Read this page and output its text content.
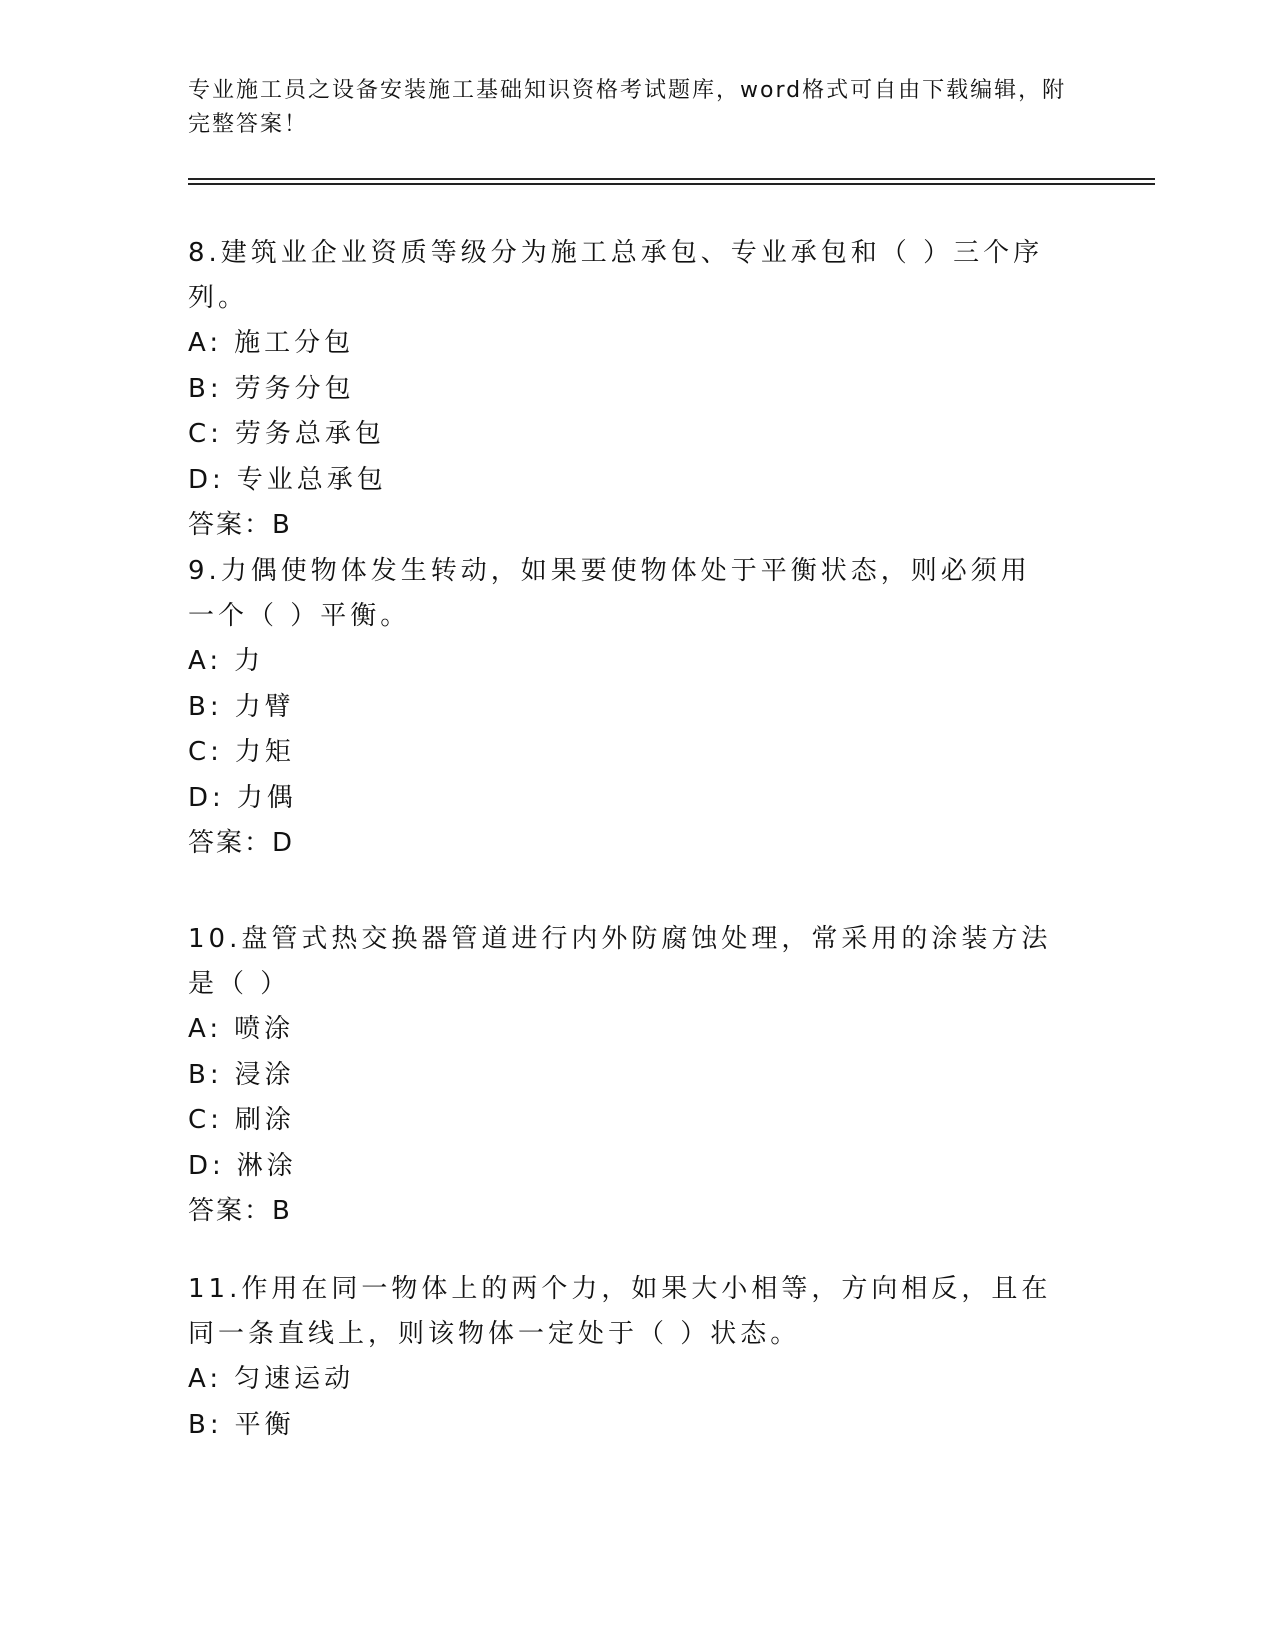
专业施工员之设备安装施工基础知识资格考试题库，word格式可自由下载编辑，附完整答案！

8.建筑业企业资质等级分为施工总承包、专业承包和（ ）三个序列。

A: 施工分包

B: 劳务分包

C: 劳务总承包

D: 专业总承包

答案：B

9.力偶使物体发生转动，如果要使物体处于平衡状态，则必须用一个（ ）平衡。

A: 力

B: 力臂

C: 力矩

D: 力偶

答案：D

10.盘管式热交换器管道进行内外防腐蚀处理，常采用的涂装方法是（ ）

A: 喷涂

B: 浸涂

C: 刷涂

D: 淋涂

答案：B

11.作用在同一物体上的两个力，如果大小相等，方向相反，且在同一条直线上，则该物体一定处于（ ）状态。

A: 匀速运动

B: 平衡
